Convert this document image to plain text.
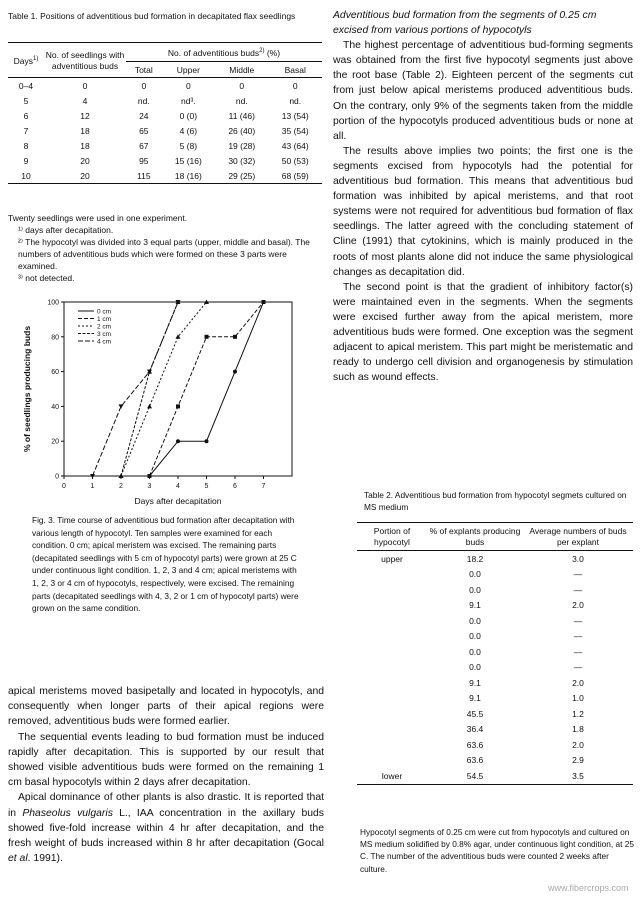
Table 1. Positions of adventitious bud formation in decapitated flax seedlings
Days$^{1)}$	No. of seedlings with adventitious buds	No. of adventitious buds$^{2)}$ (%)			
		Total	Upper	Middle	Basal
0–4	0	0	0	0	0
5	4	nd.	nd³.	nd.	nd.
6	12	24	0 (0)	11 (46)	13 (54)
7	18	65	4 (6)	26 (40)	35 (54)
8	18	67	5 (8)	19 (28)	43 (64)
9	20	95	15 (16)	30 (32)	50 (53)
10	20	115	18 (16)	29 (25)	68 (59)
Twenty seedlings were used in one experiment.
¹⁾ days after decapitation.
²⁾ The hypocotyl was divided into 3 equal parts (upper, middle and basal). The numbers of adventitious buds which were formed on these 3 parts were examined.
³⁾ not detected.
0	1	2	3	4	5	6	7
0
20
40
60
80
100
Days after decapitation
% of seedlings producing buds
0 cm
1 cm
2 cm
3 cm
4 cm
Fig. 3. Time course of adventitious bud formation after decapitation with various length of hypocotyl. Ten samples were examined for each condition. 0 cm; apical meristem was excised. The remaining parts (decapitated seedlings with 5 cm of hypocotyl parts) were grown at 25 C under continuous light condition. 1, 2, 3 and 4 cm; apical meristems with 1, 2, 3 or 4 cm of hypocotyls, respectively, were excised. The remaining parts (decapitated seedlings with 4, 3, 2 or 1 cm of hypocotyl parts) were grown on the same condition.

apical meristems moved basipetally and located in hypocotyls, and consequently when longer parts of their apical regions were removed, adventitious buds were formed earlier.

The sequential events leading to bud formation must be induced rapidly after decapitation. This is supported by our result that showed visible adventitious buds were formed on the remaining 1 cm basal hypocotyls within 2 days afrer decapitation.

Apical dominance of other plants is also drastic. It is reported that in Phaseolus vulgaris L., IAA concentration in the axillary buds showed five-fold increase within 4 hr after decapitation, and the fresh weight of buds increased within 8 hr after decapitation (Gocal et al. 1991).

Adventitious bud formation from the segments of 0.25 cm excised from various portions of hypocotyls

The highest percentage of adventitious bud-forming segments was obtained from the first five hypocotyl segments just above the root base (Table 2). Eighteen percent of the segments cut from just below apical meristems produced adventitious buds. On the contrary, only 9% of the segments taken from the middle portion of the hypocotyls produced adventitious buds or none at all.

The results above implies two points; the first one is the segments excised from hypocotyls had the potential for adventitious bud formation. This means that adventitious bud formation was inhibited by apical meristems, and that root systems were not required for adventitious bud formation of flax seedlings. The latter agreed with the concluding statement of Cline (1991) that cytokinins, which is mainly produced in the roots of most plants alone did not induce the same physiological changes as decapitation did.

The second point is that the gradient of inhibitory factor(s) were maintained even in the segments. When the segments were excised further away from the apical meristem, more adventitious buds were formed. One exception was the segment adjacent to apical meristem. This part might be meristematic and ready to undergo cell division and organogenesis by stimulation such as wound effects.

Table 2. Adventitious bud formation from hypocotyl segmets cultured on MS medium
Portion of hypocotyl	% of explants producing buds	Average numbers of buds per explant
upper	18.2	3.0
	0.0	—
	0.0	—
	9.1	2.0
	0.0	—
	0.0	—
	0.0	—
	0.0	—
	9.1	2.0
	9.1	1.0
	45.5	1.2
	36.4	1.8
	63.6	2.0
	63.6	2.9
lower	54.5	3.5
Hypocotyl segments of 0.25 cm were cut from hypocotyls and cultured on MS medium solidified by 0.8% agar, under continuous light condition, at 25 C. The number of the adventitious buds were counted 2 weeks after culture.
www.fibercrops.com
